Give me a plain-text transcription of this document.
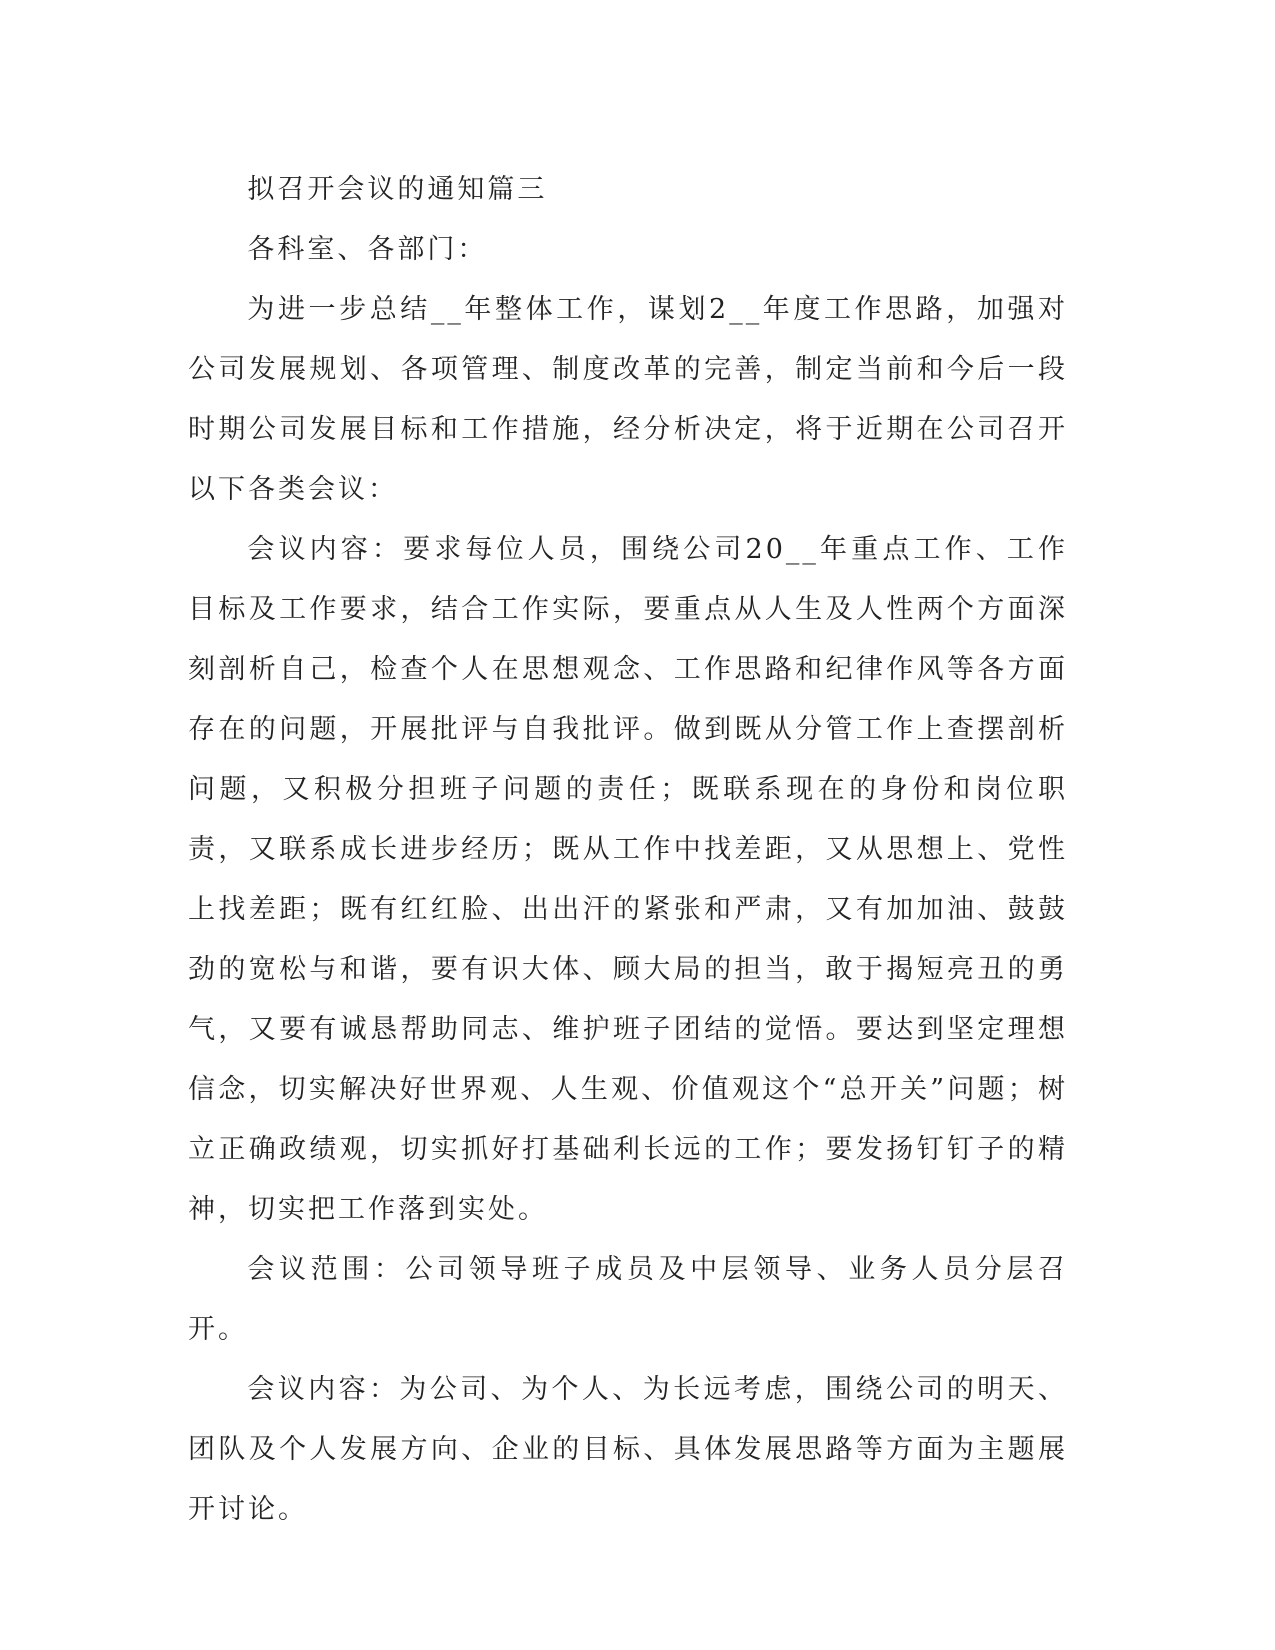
拟召开会议的通知篇三

各科室、各部门：

为进一步总结__年整体工作，谋划2__年度工作思路，加强对公司发展规划、各项管理、制度改革的完善，制定当前和今后一段时期公司发展目标和工作措施，经分析决定，将于近期在公司召开以下各类会议：

会议内容：要求每位人员，围绕公司20__年重点工作、工作目标及工作要求，结合工作实际，要重点从人生及人性两个方面深刻剖析自己，检查个人在思想观念、工作思路和纪律作风等各方面存在的问题，开展批评与自我批评。做到既从分管工作上查摆剖析问题，又积极分担班子问题的责任；既联系现在的身份和岗位职责，又联系成长进步经历；既从工作中找差距，又从思想上、党性上找差距；既有红红脸、出出汗的紧张和严肃，又有加加油、鼓鼓劲的宽松与和谐，要有识大体、顾大局的担当，敢于揭短亮丑的勇气，又要有诚恳帮助同志、维护班子团结的觉悟。要达到坚定理想信念，切实解决好世界观、人生观、价值观这个“总开关”问题；树立正确政绩观，切实抓好打基础利长远的工作；要发扬钉钉子的精神，切实把工作落到实处。

会议范围：公司领导班子成员及中层领导、业务人员分层召开。

会议内容：为公司、为个人、为长远考虑，围绕公司的明天、团队及个人发展方向、企业的目标、具体发展思路等方面为主题展开讨论。
